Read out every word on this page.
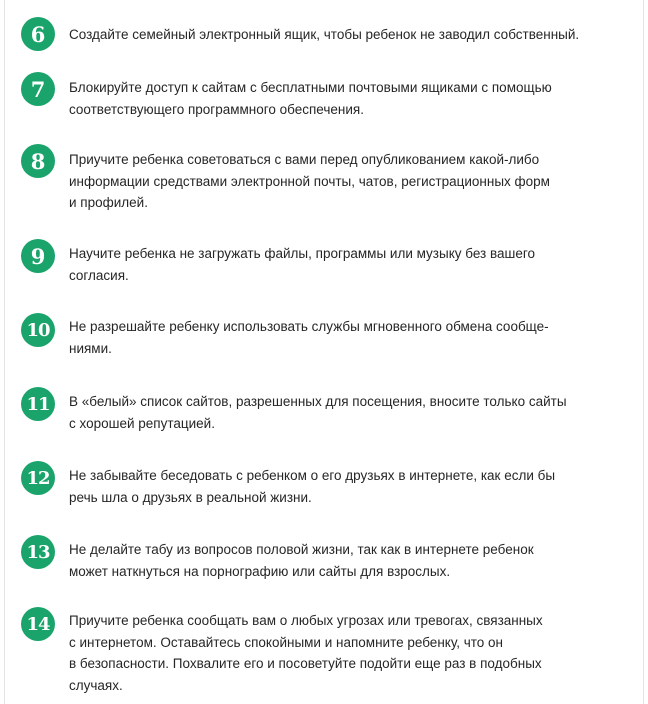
6	Создайте семейный электронный ящик, чтобы ребенок не заводил собственный.
7	Блокируйте доступ к сайтам с бесплатными почтовыми ящиками с помощью
соответствующего программного обеспечения.
8	Приучите ребенка советоваться с вами перед опубликованием какой-либо
информации средствами электронной почты, чатов, регистрационных форм
и профилей.
9	Научите ребенка не загружать файлы, программы или музыку без вашего
согласия.
10	Не разрешайте ребенку использовать службы мгновенного обмена сообще-
ниями.
11	В «белый» список сайтов, разрешенных для посещения, вносите только сайты
с хорошей репутацией.
12	Не забывайте беседовать с ребенком о его друзьях в интернете, как если бы
речь шла о друзьях в реальной жизни.
13	Не делайте табу из вопросов половой жизни, так как в интернете ребенок
может наткнуться на порнографию или сайты для взрослых.
14	Приучите ребенка сообщать вам о любых угрозах или тревогах, связанных
с интернетом. Оставайтесь спокойными и напомните ребенку, что он
в безопасности. Похвалите его и посоветуйте подойти еще раз в подобных
случаях.
